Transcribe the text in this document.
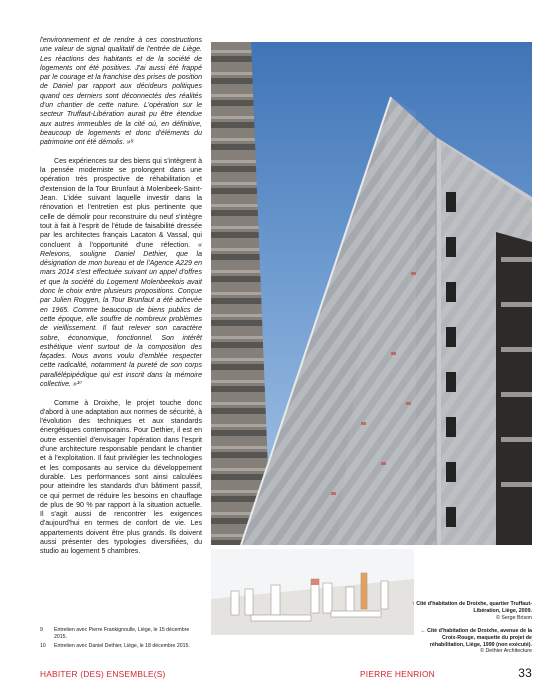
l'environnement et de rendre à ces constructions une valeur de signal qualitatif de l'entrée de Liège. Les réactions des habitants et de la société de logements ont été positives. J'ai aussi été frappé par le courage et la franchise des prises de position de Daniel par rapport aux décideurs politiques quand ces derniers sont déconnectés des réalités d'un chantier de cette nature. L'opération sur le secteur Truffaut-Libération aurait pu être étendue aux autres immeubles de la cité où, en définitive, beaucoup de logements et donc d'éléments du patrimoine ont été démolis. »⁹

Ces expériences sur des biens qui s'intègrent à la pensée moderniste se prolongent dans une opération très prospective de réhabilitation et d'extension de la Tour Brunfaut à Molenbeek-Saint-Jean. L'idée suivant laquelle investir dans la rénovation et l'entretien est plus pertinente que celle de démolir pour reconstruire du neuf s'intègre tout à fait à l'esprit de l'étude de faisabilité dressée par les architectes français Lacaton & Vassal, qui concluent à l'opportunité d'une réfection. « Relevons, souligne Daniel Dethier, que la désignation de mon bureau et de l'Agence A229 en mars 2014 s'est effectuée suivant un appel d'offres et que la société du Logement Molenbeekois avait donc le choix entre plusieurs propositions. Conçue par Julien Roggen, la Tour Brunfaut a été achevée en 1965. Comme beaucoup de biens publics de cette époque, elle souffre de nombreux problèmes de vieillissement. Il faut relever son caractère sobre, économique, fonctionnel. Son intérêt esthétique vient surtout de la composition des façades. Nous avons voulu d'emblée respecter cette radicalité, notamment la pureté de son corps parallélépipédique qui est inscrit dans la mémoire collective. »¹⁰

Comme à Droixhe, le projet touche donc d'abord à une adaptation aux normes de sécurité, à l'évolution des techniques et aux standards énergétiques contemporains. Pour Dethier, il est en outre essentiel d'envisager l'opération dans l'esprit d'une architecture responsable pendant le chantier et à l'exploitation. Il faut privilégier les technologies et les composants au service du développement durable. Les performances sont ainsi calculées pour atteindre les standards d'un bâtiment passif, ce qui permet de réduire les besoins en chauffage de plus de 90 % par rapport à la situation actuelle. Il s'agit aussi de rencontrer les exigences d'aujourd'hui en termes de confort de vie. Les appartements doivent être plus grands. Ils doivent aussi présenter des typologies diversifiées, du studio au logement 5 chambres.

↑ Cité d'habitation de Droixhe, quartier Truffaut-Libération, Liège, 2009.
© Serge Brison
← Cité d'habitation de Droixhe, avenue de la Croix-Rouge, maquette du projet de réhabilitation, Liège, 1999 (non exécuté).
© Dethier Architecture
9	Entretien avec Pierre Frankignoulle, Liège, le 15 décembre 2015.
10	Entretien avec Daniel Dethier, Liège, le 18 décembre 2015.
HABITER (DES) ENSEMBLE(S)	PIERRE HENRION	33
